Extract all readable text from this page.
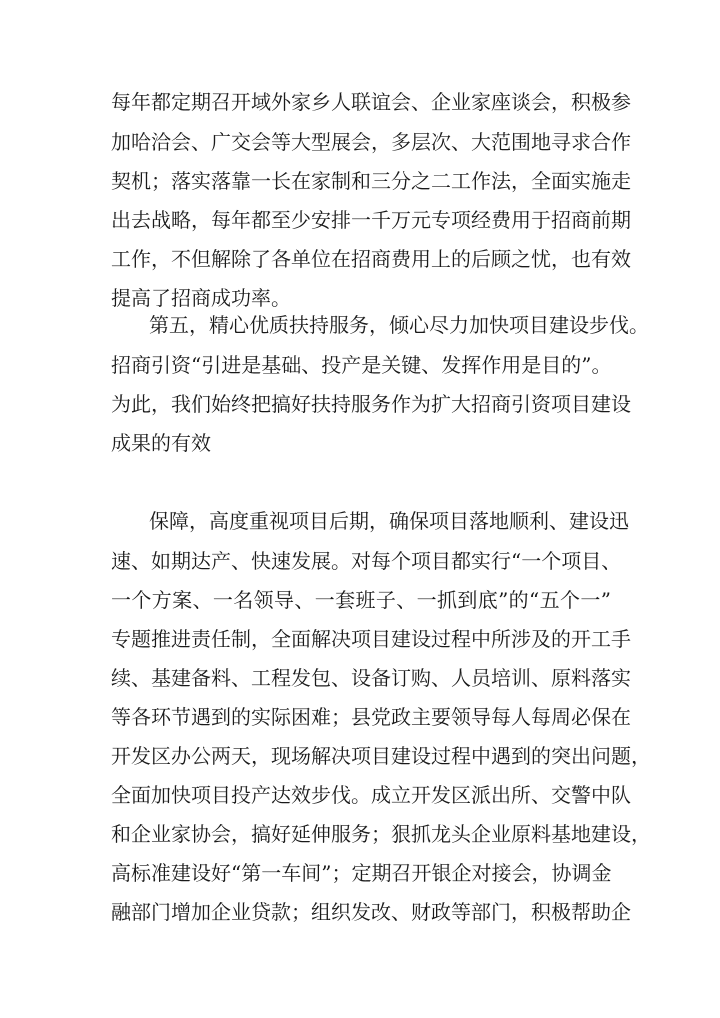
每年都定期召开域外家乡人联谊会、企业家座谈会，积极参
加哈洽会、广交会等大型展会，多层次、大范围地寻求合作
契机；落实落靠一长在家制和三分之二工作法，全面实施走
出去战略，每年都至少安排一千万元专项经费用于招商前期
工作，不但解除了各单位在招商费用上的后顾之忧，也有效
提高了招商成功率。
第五，精心优质扶持服务，倾心尽力加快项目建设步伐。
招商引资“引进是基础、投产是关键、发挥作用是目的”。
为此，我们始终把搞好扶持服务作为扩大招商引资项目建设
成果的有效
保障，高度重视项目后期，确保项目落地顺利、建设迅
速、如期达产、快速发展。对每个项目都实行“一个项目、
一个方案、一名领导、一套班子、一抓到底”的“五个一”
专题推进责任制，全面解决项目建设过程中所涉及的开工手
续、基建备料、工程发包、设备订购、人员培训、原料落实
等各环节遇到的实际困难；县党政主要领导每人每周必保在
开发区办公两天，现场解决项目建设过程中遇到的突出问题，
全面加快项目投产达效步伐。成立开发区派出所、交警中队
和企业家协会，搞好延伸服务；狠抓龙头企业原料基地建设，
高标准建设好“第一车间”；定期召开银企对接会，协调金
融部门增加企业贷款；组织发改、财政等部门，积极帮助企
